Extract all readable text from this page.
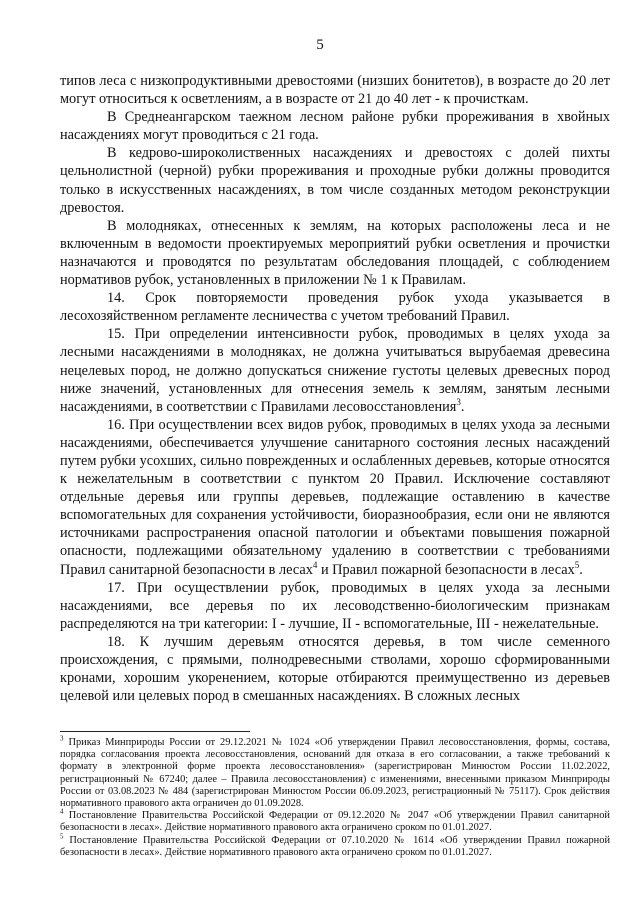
5

типов леса с низкопродуктивными древостоями (низших бонитетов), в возрасте до 20 лет могут относиться к осветлениям, а в возрасте от 21 до 40 лет - к прочисткам.

В Среднеангарском таежном лесном районе рубки прореживания в хвойных насаждениях могут проводиться с 21 года.

В кедрово-широколиственных насаждениях и древостоях с долей пихты цельнолистной (черной) рубки прореживания и проходные рубки должны проводится только в искусственных насаждениях, в том числе созданных методом реконструкции древостоя.

В молодняках, отнесенных к землям, на которых расположены леса и не включенным в ведомости проектируемых мероприятий рубки осветления и прочистки назначаются и проводятся по результатам обследования площадей, с соблюдением нормативов рубок, установленных в приложении № 1 к Правилам.

14. Срок повторяемости проведения рубок ухода указывается в лесохозяйственном регламенте лесничества с учетом требований Правил.

15. При определении интенсивности рубок, проводимых в целях ухода за лесными насаждениями в молодняках, не должна учитываться вырубаемая древесина нецелевых пород, не должно допускаться снижение густоты целевых древесных пород ниже значений, установленных для отнесения земель к землям, занятым лесными насаждениями, в соответствии с Правилами лесовосстановления$^3$.

16. При осуществлении всех видов рубок, проводимых в целях ухода за лесными насаждениями, обеспечивается улучшение санитарного состояния лесных насаждений путем рубки усохших, сильно поврежденных и ослабленных деревьев, которые относятся к нежелательным в соответствии с пунктом 20 Правил. Исключение составляют отдельные деревья или группы деревьев, подлежащие оставлению в качестве вспомогательных для сохранения устойчивости, биоразнообразия, если они не являются источниками распространения опасной патологии и объектами повышения пожарной опасности, подлежащими обязательному удалению в соответствии с требованиями Правил санитарной безопасности в лесах$^4$ и Правил пожарной безопасности в лесах$^5$.

17. При осуществлении рубок, проводимых в целях ухода за лесными насаждениями, все деревья по их лесоводственно-биологическим признакам распределяются на три категории: I - лучшие, II - вспомогательные, III - нежелательные.

18. К лучшим деревьям относятся деревья, в том числе семенного происхождения, с прямыми, полнодревесными стволами, хорошо сформированными кронами, хорошим укоренением, которые отбираются преимущественно из деревьев целевой или целевых пород в смешанных насаждениях. В сложных лесных

$^3$ Приказ Минприроды России от 29.12.2021 № 1024 «Об утверждении Правил лесовосстановления, формы, состава, порядка согласования проекта лесовосстановления, оснований для отказа в его согласовании, а также требований к формату в электронной форме проекта лесовосстановления» (зарегистрирован Минюстом России 11.02.2022, регистрационный № 67240; далее – Правила лесовосстановления) с изменениями, внесенными приказом Минприроды России от 03.08.2023 № 484 (зарегистрирован Минюстом России 06.09.2023, регистрационный № 75117). Срок действия нормативного правового акта ограничен до 01.09.2028.

$^4$ Постановление Правительства Российской Федерации от 09.12.2020 № 2047 «Об утверждении Правил санитарной безопасности в лесах». Действие нормативного правового акта ограничено сроком по 01.01.2027.

$^5$ Постановление Правительства Российской Федерации от 07.10.2020 № 1614 «Об утверждении Правил пожарной безопасности в лесах». Действие нормативного правового акта ограничено сроком по 01.01.2027.
